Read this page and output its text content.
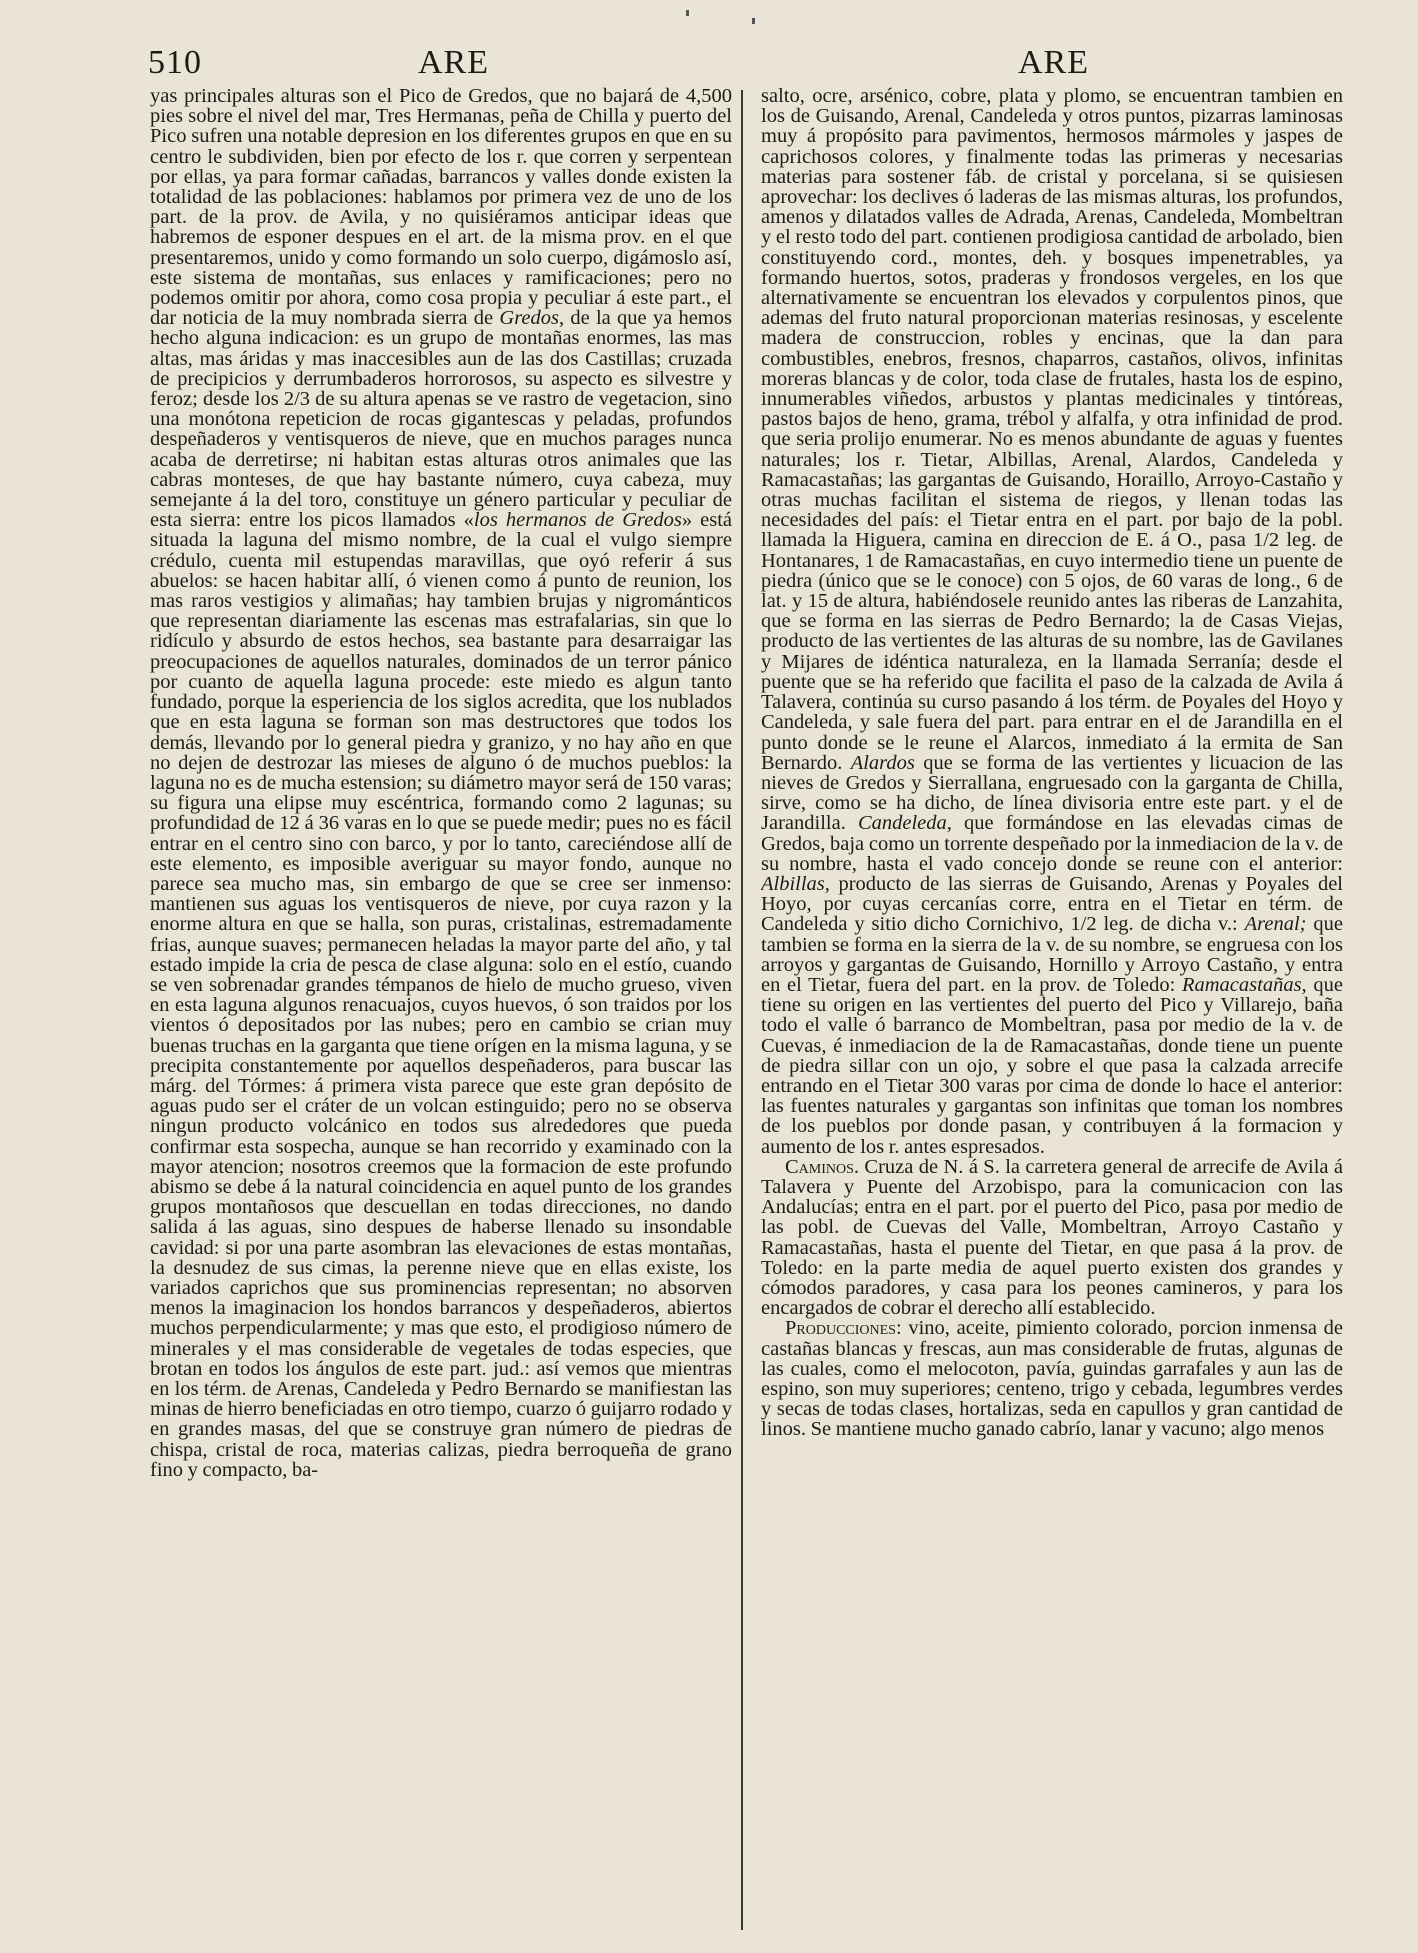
510	ARE	ARE

yas principales alturas son el Pico de Gredos, que no bajará de 4,500 pies sobre el nivel del mar, Tres Hermanas, peña de Chilla y puerto del Pico sufren una notable depresion en los diferentes grupos en que en su centro le subdividen, bien por efecto de los r. que corren y serpentean por ellas, ya para formar cañadas, barrancos y valles donde existen la totalidad de las poblaciones: hablamos por primera vez de uno de los part. de la prov. de Avila, y no quisiéramos anticipar ideas que habremos de esponer despues en el art. de la misma prov. en el que presentaremos, unido y como formando un solo cuerpo, digámoslo así, este sistema de montañas, sus enlaces y ramificaciones; pero no podemos omitir por ahora, como cosa propia y peculiar á este part., el dar noticia de la muy nombrada sierra de Gredos, de la que ya hemos hecho alguna indicacion: es un grupo de montañas enormes, las mas altas, mas áridas y mas inaccesibles aun de las dos Castillas; cruzada de precipicios y derrumbaderos horrorosos, su aspecto es silvestre y feroz; desde los 2/3 de su altura apenas se ve rastro de vegetacion, sino una monótona repeticion de rocas gigantescas y peladas, profundos despeñaderos y ventisqueros de nieve, que en muchos parages nunca acaba de derretirse; ni habitan estas alturas otros animales que las cabras monteses, de que hay bastante número, cuya cabeza, muy semejante á la del toro, constituye un género particular y peculiar de esta sierra: entre los picos llamados «los hermanos de Gredos» está situada la laguna del mismo nombre, de la cual el vulgo siempre crédulo, cuenta mil estupendas maravillas, que oyó referir á sus abuelos: se hacen habitar allí, ó vienen como á punto de reunion, los mas raros vestigios y alimañas; hay tambien brujas y nigrománticos que representan diariamente las escenas mas estrafalarias, sin que lo ridículo y absurdo de estos hechos, sea bastante para desarraigar las preocupaciones de aquellos naturales, dominados de un terror pánico por cuanto de aquella laguna procede: este miedo es algun tanto fundado, porque la esperiencia de los siglos acredita, que los nublados que en esta laguna se forman son mas destructores que todos los demás, llevando por lo general piedra y granizo, y no hay año en que no dejen de destrozar las mieses de alguno ó de muchos pueblos: la laguna no es de mucha estension; su diámetro mayor será de 150 varas; su figura una elipse muy escéntrica, formando como 2 lagunas; su profundidad de 12 á 36 varas en lo que se puede medir; pues no es fácil entrar en el centro sino con barco, y por lo tanto, careciéndose allí de este elemento, es imposible averiguar su mayor fondo, aunque no parece sea mucho mas, sin embargo de que se cree ser inmenso: mantienen sus aguas los ventisqueros de nieve, por cuya razon y la enorme altura en que se halla, son puras, cristalinas, estremadamente frias, aunque suaves; permanecen heladas la mayor parte del año, y tal estado impide la cria de pesca de clase alguna: solo en el estío, cuando se ven sobrenadar grandes témpanos de hielo de mucho grueso, viven en esta laguna algunos renacuajos, cuyos huevos, ó son traidos por los vientos ó depositados por las nubes; pero en cambio se crian muy buenas truchas en la garganta que tiene orígen en la misma laguna, y se precipita constantemente por aquellos despeñaderos, para buscar las márg. del Tórmes: á primera vista parece que este gran depósito de aguas pudo ser el cráter de un volcan estinguido; pero no se observa ningun producto volcánico en todos sus alrededores que pueda confirmar esta sospecha, aunque se han recorrido y examinado con la mayor atencion; nosotros creemos que la formacion de este profundo abismo se debe á la natural coincidencia en aquel punto de los grandes grupos montañosos que descuellan en todas direcciones, no dando salida á las aguas, sino despues de haberse llenado su insondable cavidad: si por una parte asombran las elevaciones de estas montañas, la desnudez de sus cimas, la perenne nieve que en ellas existe, los variados caprichos que sus prominencias representan; no absorven menos la imaginacion los hondos barrancos y despeñaderos, abiertos muchos perpendicularmente; y mas que esto, el prodigioso número de minerales y el mas considerable de vegetales de todas especies, que brotan en todos los ángulos de este part. jud.: así vemos que mientras en los térm. de Arenas, Candeleda y Pedro Bernardo se manifiestan las minas de hierro beneficiadas en otro tiempo, cuarzo ó guijarro rodado y en grandes masas, del que se construye gran número de piedras de chispa, cristal de roca, materias calizas, piedra berroqueña de grano fino y compacto, ba-

salto, ocre, arsénico, cobre, plata y plomo, se encuentran tambien en los de Guisando, Arenal, Candeleda y otros puntos, pizarras laminosas muy á propósito para pavimentos, hermosos mármoles y jaspes de caprichosos colores, y finalmente todas las primeras y necesarias materias para sostener fáb. de cristal y porcelana, si se quisiesen aprovechar: los declives ó laderas de las mismas alturas, los profundos, amenos y dilatados valles de Adrada, Arenas, Candeleda, Mombeltran y el resto todo del part. contienen prodigiosa cantidad de arbolado, bien constituyendo cord., montes, deh. y bosques impenetrables, ya formando huertos, sotos, praderas y frondosos vergeles, en los que alternativamente se encuentran los elevados y corpulentos pinos, que ademas del fruto natural proporcionan materias resinosas, y escelente madera de construccion, robles y encinas, que la dan para combustibles, enebros, fresnos, chaparros, castaños, olivos, infinitas moreras blancas y de color, toda clase de frutales, hasta los de espino, innumerables viñedos, arbustos y plantas medicinales y tintóreas, pastos bajos de heno, grama, trébol y alfalfa, y otra infinidad de prod. que seria prolijo enumerar. No es menos abundante de aguas y fuentes naturales; los r. Tietar, Albillas, Arenal, Alardos, Candeleda y Ramacastañas; las gargantas de Guisando, Horaillo, Arroyo-Castaño y otras muchas facilitan el sistema de riegos, y llenan todas las necesidades del país: el Tietar entra en el part. por bajo de la pobl. llamada la Higuera, camina en direccion de E. á O., pasa 1/2 leg. de Hontanares, 1 de Ramacastañas, en cuyo intermedio tiene un puente de piedra (único que se le conoce) con 5 ojos, de 60 varas de long., 6 de lat. y 15 de altura, habiéndosele reunido antes las riberas de Lanzahita, que se forma en las sierras de Pedro Bernardo; la de Casas Viejas, producto de las vertientes de las alturas de su nombre, las de Gavilanes y Mijares de idéntica naturaleza, en la llamada Serranía; desde el puente que se ha referido que facilita el paso de la calzada de Avila á Talavera, continúa su curso pasando á los térm. de Poyales del Hoyo y Candeleda, y sale fuera del part. para entrar en el de Jarandilla en el punto donde se le reune el Alarcos, inmediato á la ermita de San Bernardo. Alardos que se forma de las vertientes y licuacion de las nieves de Gredos y Sierrallana, engruesado con la garganta de Chilla, sirve, como se ha dicho, de línea divisoria entre este part. y el de Jarandilla. Candeleda, que formándose en las elevadas cimas de Gredos, baja como un torrente despeñado por la inmediacion de la v. de su nombre, hasta el vado concejo donde se reune con el anterior: Albillas, producto de las sierras de Guisando, Arenas y Poyales del Hoyo, por cuyas cercanías corre, entra en el Tietar en térm. de Candeleda y sitio dicho Cornichivo, 1/2 leg. de dicha v.: Arenal; que tambien se forma en la sierra de la v. de su nombre, se engruesa con los arroyos y gargantas de Guisando, Hornillo y Arroyo Castaño, y entra en el Tietar, fuera del part. en la prov. de Toledo: Ramacastañas, que tiene su origen en las vertientes del puerto del Pico y Villarejo, baña todo el valle ó barranco de Mombeltran, pasa por medio de la v. de Cuevas, é inmediacion de la de Ramacastañas, donde tiene un puente de piedra sillar con un ojo, y sobre el que pasa la calzada arrecife entrando en el Tietar 300 varas por cima de donde lo hace el anterior: las fuentes naturales y gargantas son infinitas que toman los nombres de los pueblos por donde pasan, y contribuyen á la formacion y aumento de los r. antes espresados.

Caminos. Cruza de N. á S. la carretera general de arrecife de Avila á Talavera y Puente del Arzobispo, para la comunicacion con las Andalucías; entra en el part. por el puerto del Pico, pasa por medio de las pobl. de Cuevas del Valle, Mombeltran, Arroyo Castaño y Ramacastañas, hasta el puente del Tietar, en que pasa á la prov. de Toledo: en la parte media de aquel puerto existen dos grandes y cómodos paradores, y casa para los peones camineros, y para los encargados de cobrar el derecho allí establecido.

Producciones: vino, aceite, pimiento colorado, porcion inmensa de castañas blancas y frescas, aun mas considerable de frutas, algunas de las cuales, como el melocoton, pavía, guindas garrafales y aun las de espino, son muy superiores; centeno, trigo y cebada, legumbres verdes y secas de todas clases, hortalizas, seda en capullos y gran cantidad de linos. Se mantiene mucho ganado cabrío, lanar y vacuno; algo menos
